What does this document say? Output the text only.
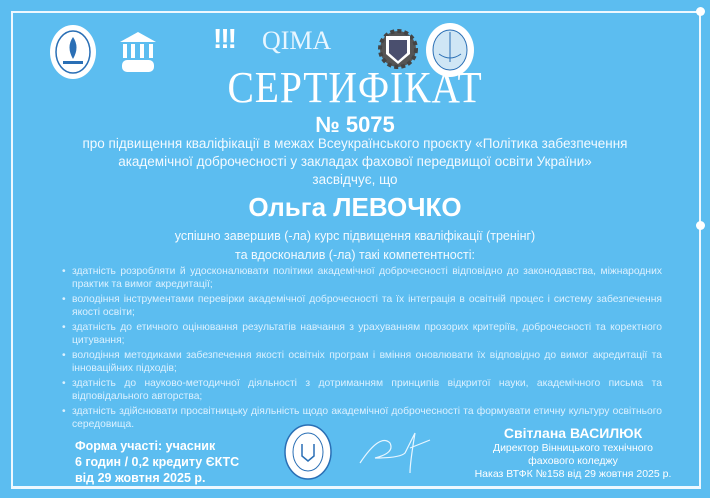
!!! QIMA
СЕРТИФІКАТ
№ 5075
про підвищення кваліфікації в межах Всеукраїнського проєкту «Політика забезпечення
академічної доброчесності у закладах фахової передвищої освіти України»
засвідчує, що
Ольга ЛЕВОЧКО
успішно завершив (-ла) курс підвищення кваліфікації (тренінг)
та вдосконалив (-ла) такі компетентності:
• здатність розробляти й удосконалювати політики академічної доброчесності відповідно до законодавства, міжнародних практик та вимог акредитації;
• володіння інструментами перевірки академічної доброчесності та їх інтеграція в освітній процес і систему забезпечення якості освіти;
• здатність до етичного оцінювання результатів навчання з урахуванням прозорих критеріїв, доброчесності та коректного цитування;
• володіння методиками забезпечення якості освітніх програм і вміння оновлювати їх відповідно до вимог акредитації та інноваційних підходів;
• здатність до науково-методичної діяльності з дотриманням принципів відкритої науки, академічного письма та відповідального авторства;
• здатність здійснювати просвітницьку діяльність щодо академічної доброчесності та формувати етичну культуру освітнього середовища.
Форма участі: учасник
6 годин / 0,2 кредиту ЄКТС
від 29 жовтня 2025 р.
Світлана ВАСИЛЮК
Директор Вінницького технічного
фахового коледжу
Наказ ВТФК №158 від 29 жовтня 2025 р.
